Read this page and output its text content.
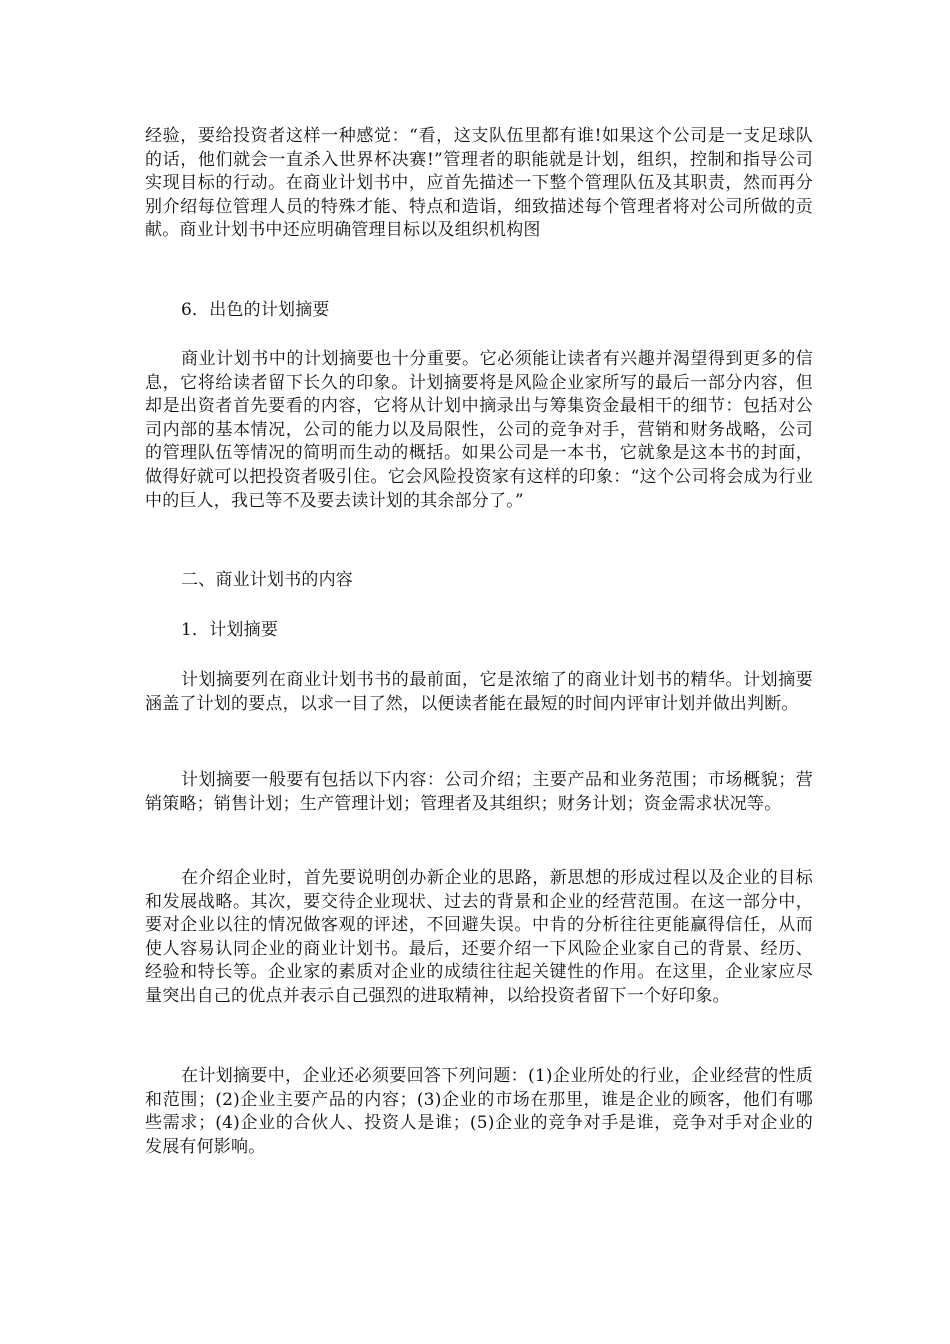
经验，要给投资者这样一种感觉：“看，这支队伍里都有谁!如果这个公司是一支足球队的话，他们就会一直杀入世界杯决赛!”管理者的职能就是计划，组织，控制和指导公司实现目标的行动。在商业计划书中，应首先描述一下整个管理队伍及其职责，然而再分别介绍每位管理人员的特殊才能、特点和造诣，细致描述每个管理者将对公司所做的贡献。商业计划书中还应明确管理目标以及组织机构图

6．出色的计划摘要

商业计划书中的计划摘要也十分重要。它必须能让读者有兴趣并渴望得到更多的信息，它将给读者留下长久的印象。计划摘要将是风险企业家所写的最后一部分内容，但却是出资者首先要看的内容，它将从计划中摘录出与筹集资金最相干的细节：包括对公司内部的基本情况，公司的能力以及局限性，公司的竞争对手，营销和财务战略，公司的管理队伍等情况的简明而生动的概括。如果公司是一本书，它就象是这本书的封面，做得好就可以把投资者吸引住。它会风险投资家有这样的印象：“这个公司将会成为行业中的巨人，我已等不及要去读计划的其余部分了。”

二、商业计划书的内容

1．计划摘要

计划摘要列在商业计划书书的最前面，它是浓缩了的商业计划书的精华。计划摘要涵盖了计划的要点，以求一目了然，以便读者能在最短的时间内评审计划并做出判断。

计划摘要一般要有包括以下内容：公司介绍；主要产品和业务范围；市场概貌；营销策略；销售计划；生产管理计划；管理者及其组织；财务计划；资金需求状况等。

在介绍企业时，首先要说明创办新企业的思路，新思想的形成过程以及企业的目标和发展战略。其次，要交待企业现状、过去的背景和企业的经营范围。在这一部分中，要对企业以往的情况做客观的评述，不回避失误。中肯的分析往往更能赢得信任，从而使人容易认同企业的商业计划书。最后，还要介绍一下风险企业家自己的背景、经历、经验和特长等。企业家的素质对企业的成绩往往起关键性的作用。在这里，企业家应尽量突出自己的优点并表示自己强烈的进取精神，以给投资者留下一个好印象。

在计划摘要中，企业还必须要回答下列问题：(1)企业所处的行业，企业经营的性质和范围；(2)企业主要产品的内容；(3)企业的市场在那里，谁是企业的顾客，他们有哪些需求；(4)企业的合伙人、投资人是谁；(5)企业的竞争对手是谁，竞争对手对企业的发展有何影响。
